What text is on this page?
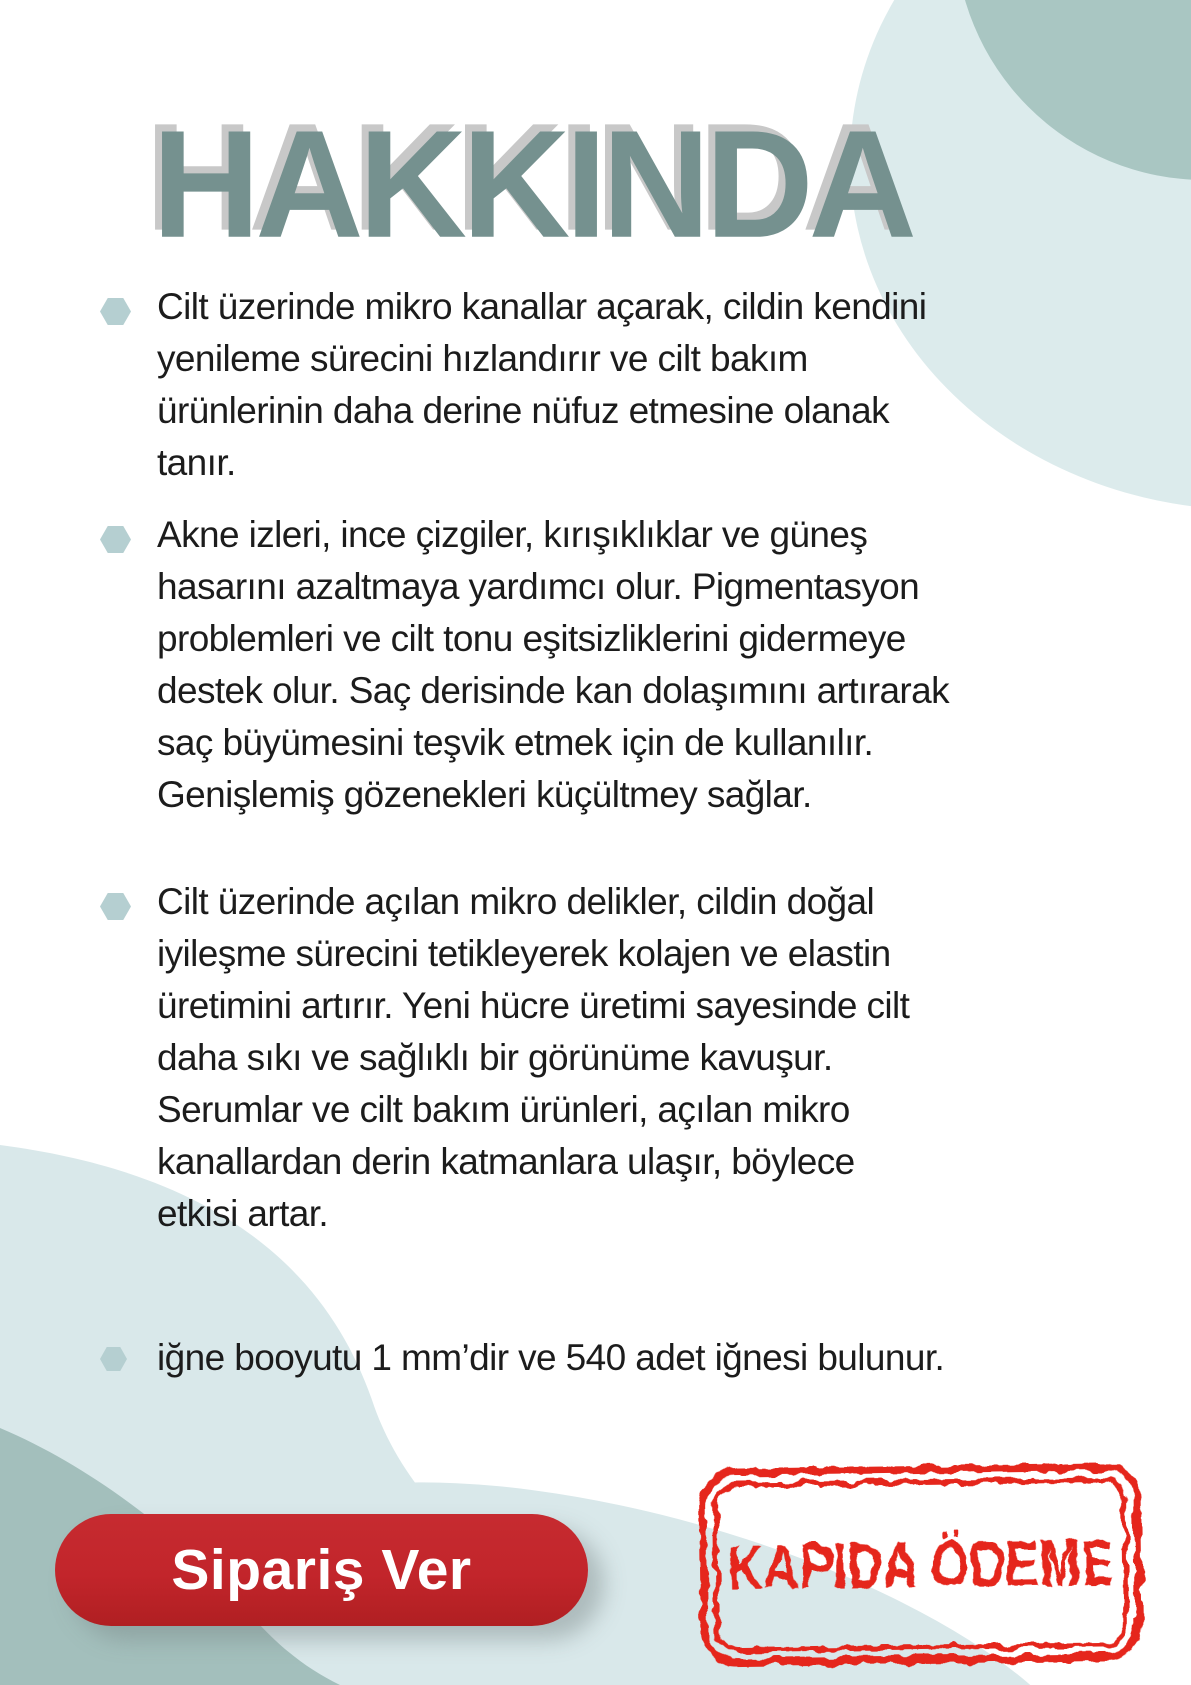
HAKKINDA
Cilt üzerinde mikro kanallar açarak, cildin kendini
yenileme sürecini hızlandırır ve cilt bakım
ürünlerinin daha derine nüfuz etmesine olanak
tanır.
Akne izleri, ince çizgiler, kırışıklıklar ve güneş
hasarını azaltmaya yardımcı olur. Pigmentasyon
problemleri ve cilt tonu eşitsizliklerini gidermeye
destek olur. Saç derisinde kan dolaşımını artırarak
saç büyümesini teşvik etmek için de kullanılır.
Genişlemiş gözenekleri küçültmey sağlar.
Cilt üzerinde açılan mikro delikler, cildin doğal
iyileşme sürecini tetikleyerek kolajen ve elastin
üretimini artırır. Yeni hücre üretimi sayesinde cilt
daha sıkı ve sağlıklı bir görünüme kavuşur.
Serumlar ve cilt bakım ürünleri, açılan mikro
kanallardan derin katmanlara ulaşır, böylece
etkisi artar.
iğne booyutu 1 mm’dir ve 540 adet iğnesi bulunur.
Sipariş Ver	KAPIDA ÖDEME
